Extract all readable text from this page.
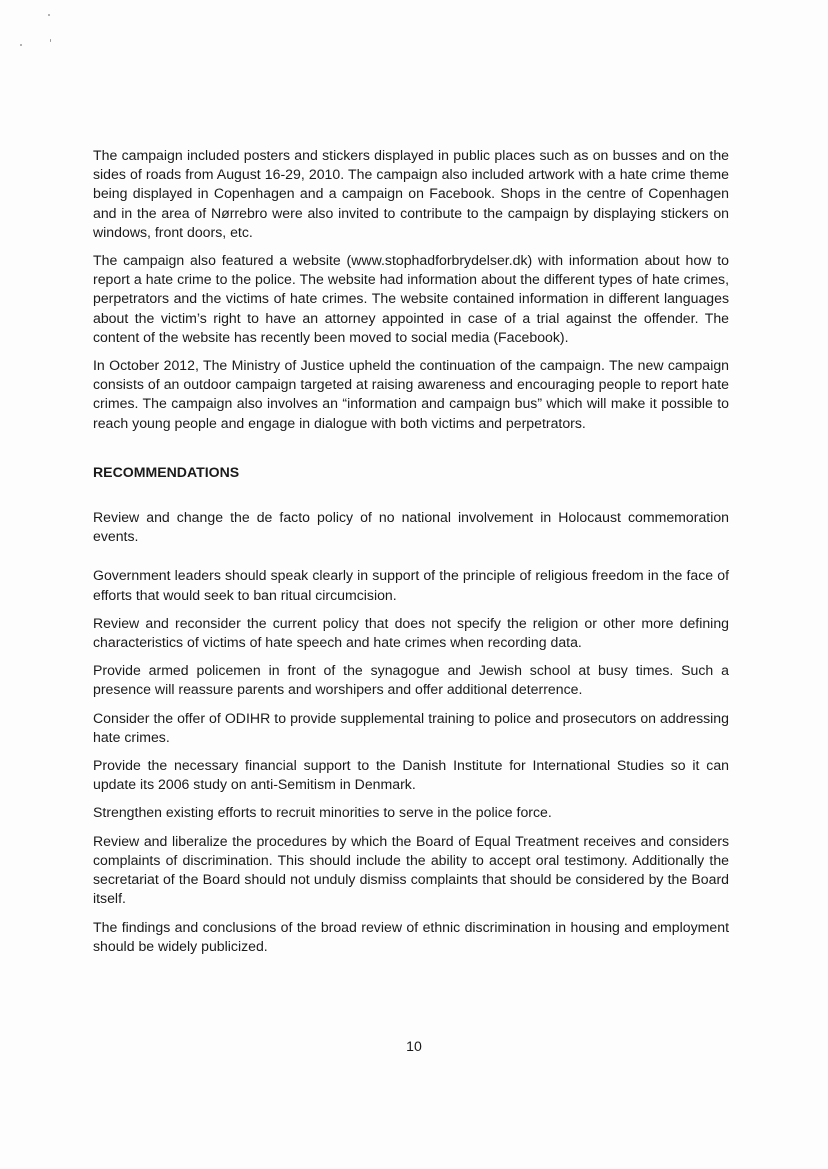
The campaign included posters and stickers displayed in public places such as on busses and on the sides of roads from August 16-29, 2010. The campaign also included artwork with a hate crime theme being displayed in Copenhagen and a campaign on Facebook. Shops in the centre of Copenhagen and in the area of Nørrebro were also invited to contribute to the campaign by displaying stickers on windows, front doors, etc.

The campaign also featured a website (www.stophadforbrydelser.dk) with information about how to report a hate crime to the police. The website had information about the different types of hate crimes, perpetrators and the victims of hate crimes. The website contained information in different languages about the victim’s right to have an attorney appointed in case of a trial against the offender. The content of the website has recently been moved to social media (Facebook).

In October 2012, The Ministry of Justice upheld the continuation of the campaign. The new campaign consists of an outdoor campaign targeted at raising awareness and encouraging people to report hate crimes. The campaign also involves an “information and campaign bus” which will make it possible to reach young people and engage in dialogue with both victims and perpetrators.

RECOMMENDATIONS

Review and change the de facto policy of no national involvement in Holocaust commemoration events.

Government leaders should speak clearly in support of the principle of religious freedom in the face of efforts that would seek to ban ritual circumcision.

Review and reconsider the current policy that does not specify the religion or other more defining characteristics of victims of hate speech and hate crimes when recording data.

Provide armed policemen in front of the synagogue and Jewish school at busy times. Such a presence will reassure parents and worshipers and offer additional deterrence.

Consider the offer of ODIHR to provide supplemental training to police and prosecutors on addressing hate crimes.

Provide the necessary financial support to the Danish Institute for International Studies so it can update its 2006 study on anti-Semitism in Denmark.

Strengthen existing efforts to recruit minorities to serve in the police force.

Review and liberalize the procedures by which the Board of Equal Treatment receives and considers complaints of discrimination. This should include the ability to accept oral testimony. Additionally the secretariat of the Board should not unduly dismiss complaints that should be considered by the Board itself.

The findings and conclusions of the broad review of ethnic discrimination in housing and employment should be widely publicized.

10
